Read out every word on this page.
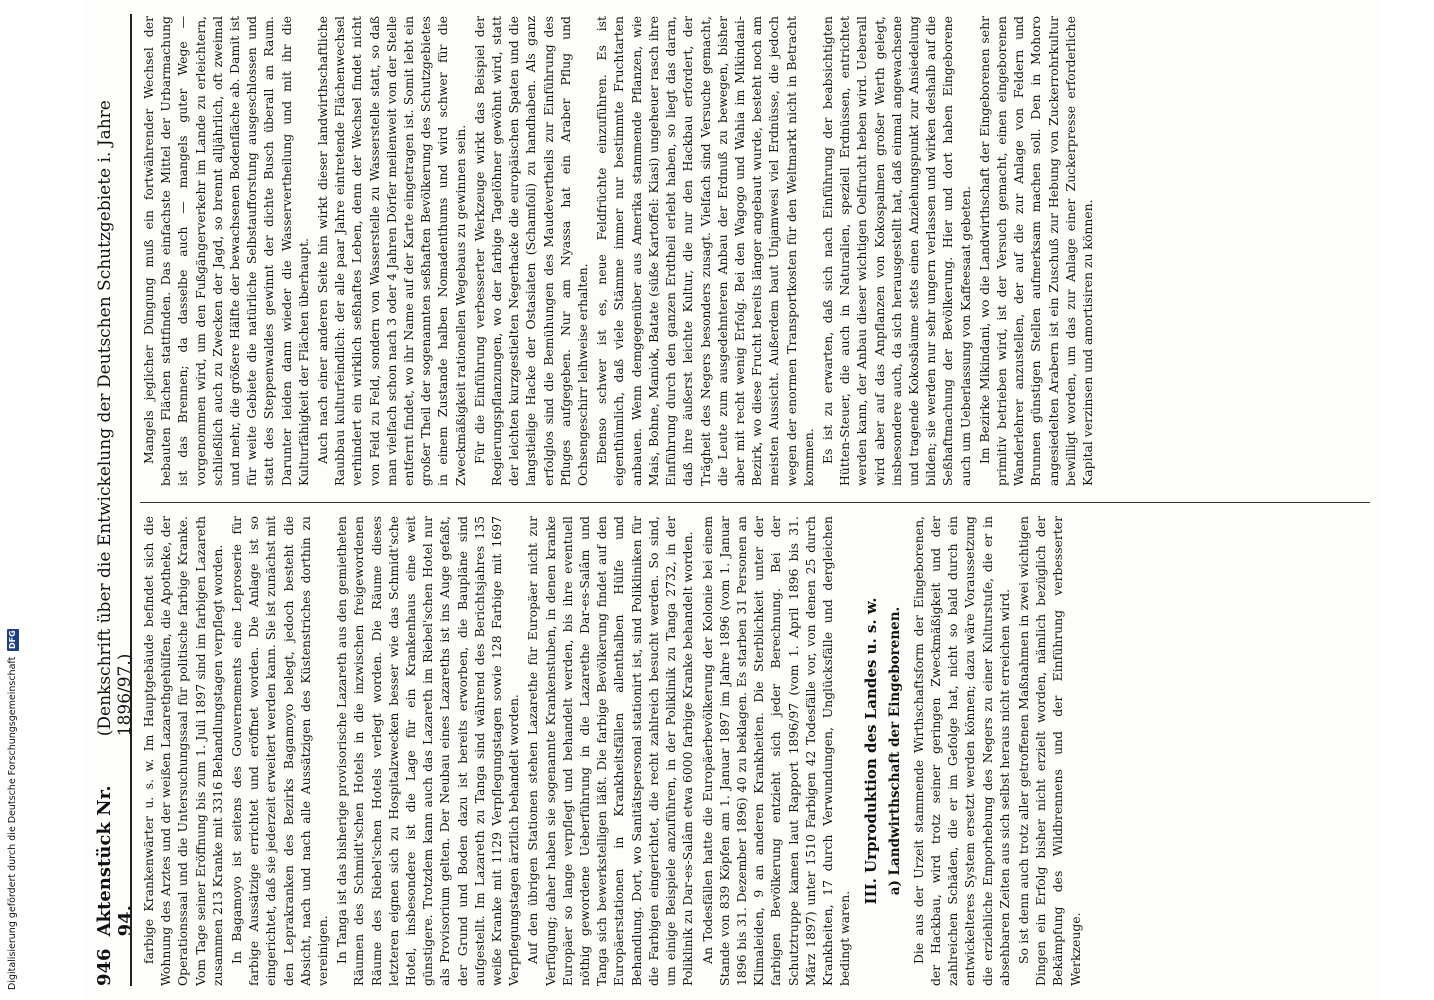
946
Aktenstück Nr. 94.
(Denkschrift über die Entwickelung der Deutschen Schutzgebiete i. Jahre 1896/97.) farbige Krankenwärter u. s. w. Im Hauptgebäude befindet sich die Wohnung des Arztes und der weißen Lazarethgehülfen, die Apotheke, der Operationssaal und die Untersuchungssaal für politische farbige Kranke. Vom Tage seiner Eröffnung bis zum 1. Juli 1897 sind im farbigen Lazareth zusammen 213 Kranke mit 3316 Behandlungstagen verpflegt worden. In Bagamoyo ist seitens des Gouvernements eine Leproserie für farbige Aussätzige errichtet und eröffnet worden. Die Anlage ist so eingerichtet, daß sie jederzeit erweitert werden kann. Sie ist zunächst mit den Leprakranken des Bezirks Bagamoyo belegt, jedoch besteht die Absicht, nach und nach alle Aussätzigen des Küstenstriches dorthin zu vereinigen. In Tanga ist das bisherige provisorische Lazareth aus den gemietheten Räumen des Schmidt'schen Hotels in die inzwischen freigewordenen Räume des Riebel'schen Hotels verlegt worden. Die Räume dieses letzteren eignen sich zu Hospitalzwecken besser wie das Schmidt'sche Hotel, insbesondere ist die Lage für ein Krankenhaus eine weit günstigere. Trotzdem kann auch das Lazareth im Riebel'schen Hotel nur als Provisorium gelten. Der Neubau eines Lazareths ist ins Auge gefaßt, der Grund und Boden dazu ist bereits erworben, die Baupläne sind aufgestellt. Im Lazareth zu Tanga sind während des Berichtsjahres 135 weiße Kranke mit 1129 Verpflegungstagen sowie 128 Farbige mit 1697 Verpflegungstagen ärztlich behandelt worden. Auf den übrigen Stationen stehen Lazarethe für Europäer nicht zur Verfügung; daher haben sie sogenannte Krankenstuben, in denen kranke Europäer so lange verpflegt und behandelt werden, bis ihre eventuell nöthig gewordene Ueberführung in die Lazarethe Dar-es-Salâm und Tanga sich bewerkstelligen läßt. Die farbige Bevölkerung findet auf den Europäerstationen in Krankheitsfällen allenthalben Hülfe und Behandlung. Dort, wo Sanitätspersonal stationirt ist, sind Polikliniken für die Farbigen eingerichtet, die recht zahlreich besucht werden. So sind, um einige Beispiele anzuführen, in der Poliklinik zu Tanga 2732, in der Poliklinik zu Dar-es-Salâm etwa 6000 farbige Kranke behandelt worden. An Todesfällen hatte die Europäerbevölkerung der Kolonie bei einem Stande von 839 Köpfen am 1. Januar 1897 im Jahre 1896 (vom 1. Januar 1896 bis 31. Dezember 1896) 40 zu beklagen. Es starben 31 Personen an Klimaleiden, 9 an anderen Krankheiten. Die Sterblichkeit unter der farbigen Bevölkerung entzieht sich jeder Berechnung. Bei der Schutztruppe kamen laut Rapport 1896/97 (vom 1. April 1896 bis 31. März 1897) unter 1510 Farbigen 42 Todesfälle vor, von denen 25 durch Krankheiten, 17 durch Verwundungen, Unglücksfälle und dergleichen bedingt waren.

III. Urproduktion des Landes u. s. w. a) Landwirthschaft der Eingeborenen. Die aus der Urzeit stammende Wirthschaftsform der Eingeborenen, der Hackbau, wird trotz seiner geringen Zweckmäßigkeit und der zahlreichen Schäden, die er im Gefolge hat, nicht so bald durch ein entwickelteres System ersetzt werden können; dazu wäre Voraussetzung die erziehliche Emporhebung des Negers zu einer Kulturstufe, die er in absehbaren Zeiten aus sich selbst heraus nicht erreichen wird. So ist denn auch trotz aller getroffenen Maßnahmen in zwei wichtigen Dingen ein Erfolg bisher nicht erzielt worden, nämlich bezüglich der Bekämpfung des Wildbrennens und der Einführung verbesserter Werkzeuge.

Mangels jeglicher Düngung muß ein fortwährender Wechsel der bebauten Flächen stattfinden. Das einfachste Mittel der Urbarmachung ist das Brennen; da dasselbe auch — mangels guter Wege — vorgenommen wird, um den Fußgängerverkehr im Lande zu erleichtern, schließlich auch zu Zwecken der Jagd, so brennt alljährlich, oft zweimal und mehr, die größere Hälfte der bewachsenen Bodenfläche ab. Damit ist für weite Gebiete die natürliche Selbstaufforstung ausgeschlossen und statt des Steppenwaldes gewinnt der dichte Busch überall an Raum. Darunter leiden dann wieder die Wasservertheilung und mit ihr die Kulturfähigkeit der Flächen überhaupt. Auch nach einer anderen Seite hin wirkt dieser landwirthschaftliche Raubbau kulturfeindlich: der alle paar Jahre eintretende Flächenwechsel verhindert ein wirklich seßhaftes Leben, denn der Wechsel findet nicht von Feld zu Feld, sondern von Wasserstelle zu Wasserstelle statt, so daß man vielfach schon nach 3 oder 4 Jahren Dörfer meilenweit von der Stelle entfernt findet, wo ihr Name auf der Karte eingetragen ist. Somit lebt ein großer Theil der sogenannten seßhaften Bevölkerung des Schutzgebietes in einem Zustande halben Nomadenthums und wird schwer für die Zweckmäßigkeit rationellen Wegebaus zu gewinnen sein. Für die Einführung verbesserter Werkzeuge wirkt das Beispiel der Regierungspflanzungen, wo der farbige Tagelöhner gewöhnt wird, statt der leichten kurzgestielten Negerhacke die europäischen Spaten und die langstielige Hacke der Ostasiaten (Schamfoli) zu handhaben. Als ganz erfolglos sind die Bemühungen des Maudevertheils zur Einführung des Pfluges aufgegeben. Nur am Nyassa hat ein Araber Pflug und Ochsengeschirr leihweise erhalten. Ebenso schwer ist es, neue Feldfrüchte einzuführen. Es ist eigenthümlich, daß viele Stämme immer nur bestimmte Fruchtarten anbauen. Wenn demgegenüber aus Amerika stammende Pflanzen, wie Mais, Bohne, Maniok, Batate (süße Kartoffel: Kiasi) ungeheuer rasch ihre Einführung durch den ganzen Erdtheil erlebt haben, so liegt das daran, daß ihre äußerst leichte Kultur, die nur den Hackbau erfordert, der Trägheit des Negers besonders zusagt. Vielfach sind Versuche gemacht, die Leute zum ausgedehnteren Anbau der Erdnuß zu bewegen, bisher aber mit recht wenig Erfolg. Bei den Wagogo und Wahia im Mikindani-Bezirk, wo diese Frucht bereits länger angebaut wurde, besteht noch am meisten Aussicht. Außerdem baut Unjamwesi viel Erdnüsse, die jedoch wegen der enormen Transportkosten für den Weltmarkt nicht in Betracht kommen. Es ist zu erwarten, daß sich nach Einführung der beabsichtigten Hütten-Steuer, die auch in Naturalien, speziell Erdnüssen, entrichtet werden kann, der Anbau dieser wichtigen Oelfrucht heben wird. Ueberall wird aber auf das Anpflanzen von Kokospalmen großer Werth gelegt, insbesondere auch, da sich herausgestellt hat, daß einmal angewachsene und tragende Kokosbäume stets einen Anziehungspunkt zur Ansiedelung bilden; sie werden nur sehr ungern verlassen und wirken deshalb auf die Seßhaftmachung der Bevölkerung. Hier und dort haben Eingeborene auch um Ueberlassung von Kaffeesaat gebeten. Im Bezirke Mikindani, wo die Landwirthschaft der Eingeborenen sehr primitiv betrieben wird, ist der Versuch gemacht, einen eingeborenen Wanderlehrer anzustellen, der auf die zur Anlage von Feldern und Brunnen günstigen Stellen aufmerksam machen soll. Den in Mohoro angesiedelten Arabern ist ein Zuschuß zur Hebung von Zuckerrohrkultur bewilligt worden, um das zur Anlage einer Zuckerpresse erforderliche Kapital verzinsen und amortisiren zu können.

Digitalisierung gefördert durch die Deutsche Forschungsgemeinschaft
DFG
